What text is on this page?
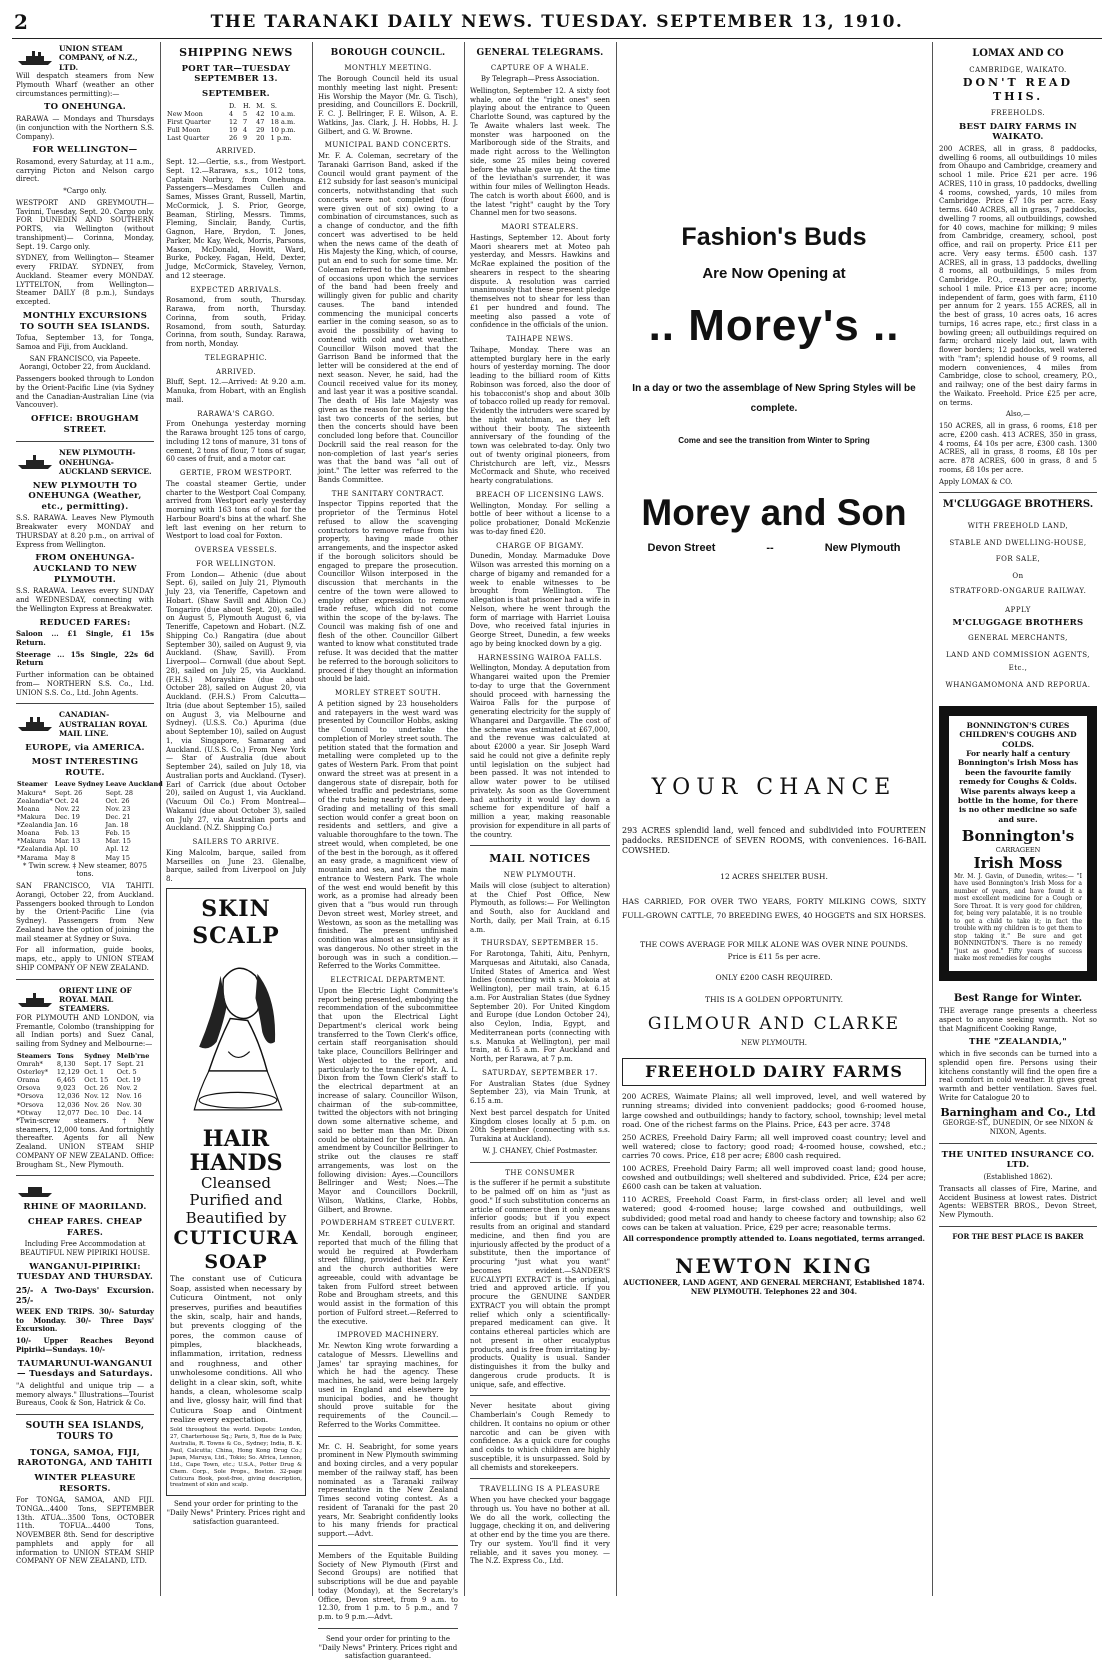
2	THE TARANAKI DAILY NEWS. TUESDAY. SEPTEMBER 13, 1910.
UNION STEAM COMPANY, of N.Z., LTD.

Will despatch steamers from New Plymouth Wharf (weather an other circumstances permitting):—

TO ONEHUNGA.

RARAWA — Mondays and Thursdays (in conjunction with the Northern S.S. Company).

FOR WELLINGTON—

Rosamond, every Saturday, at 11 a.m., carrying Picton and Nelson cargo direct.

*Cargo only.

WESTPORT AND GREYMOUTH—Tavinni, Tuesday, Sept. 20. Cargo only. FOR DUNEDIN AND SOUTHERN PORTS, via Wellington (without transhipment)— Corinna, Monday, Sept. 19. Cargo only.

SYDNEY, from Wellington— Steamer every FRIDAY. SYDNEY, from Auckland. Steamer every MONDAY. LYTTELTON, from Wellington— Steamer DAILY (8 p.m.), Sundays excepted.

MONTHLY EXCURSIONS TO SOUTH SEA ISLANDS.

Tofua, September 13, for Tonga, Samoa and Fiji, from Auckland.

SAN FRANCISCO, via Papeete. Aorangi, October 22, from Auckland.

Passengers booked through to London by the Orient-Pacific Line (via Sydney and the Canadian-Australian Line (via Vancouver).

OFFICE: BROUGHAM STREET.
NEW PLYMOUTH-ONEHUNGA-AUCKLAND SERVICE.
NEW PLYMOUTH TO ONEHUNGA (Weather, etc., permitting).

S.S. RARAWA. Leaves New Plymouth Breakwater every MONDAY and THURSDAY at 8.20 p.m., on arrival of Express from Wellington.

FROM ONEHUNGA-AUCKLAND TO NEW PLYMOUTH.

S.S. RARAWA. Leaves every SUNDAY and WEDNESDAY, connecting with the Wellington Express at Breakwater.

REDUCED FARES:

Saloon ... £1 Single, £1 15s Return.

Steerage ... 15s Single, 22s 6d Return

Further information can be obtained from— NORTHERN S.S. Co., Ltd. UNION S.S. Co., Ltd. John Agents.

CANADIAN-AUSTRALIAN ROYAL MAIL LINE.
EUROPE, via AMERICA.
MOST INTERESTING ROUTE.
Steamer	Leave Sydney	Leave Auckland
Makura*	Sept. 26	Sept. 28
Zealandia*	Oct. 24	Oct. 26
Moana	Nov. 22	Nov. 23
*Makura	Dec. 19	Dec. 21
*Zealandia	Jan. 16	Jan. 18
Moana	Feb. 13	Feb. 15
*Makura	Mar. 13	Mar. 15
*Zealandia	Apl. 10	Apl. 12
*Marama	May 8	May 15

* Twin screw. ‡ New steamer, 8075 tons.

SAN FRANCISCO, VIA TAHITI. Aorangi, October 22, from Auckland. Passengers booked through to London by the Orient-Pacific Line (via Sydney). Passengers from New Zealand have the option of joining the mail steamer at Sydney or Suva.

For all information, guide books, maps, etc., apply to UNION STEAM SHIP COMPANY OF NEW ZEALAND.

ORIENT LINE OF ROYAL MAIL STEAMERS.

FOR PLYMOUTH AND LONDON, via Fremantle, Colombo (transhipping for all Indian ports) and Suez Canal, sailing from Sydney and Melbourne:—

Steamers	Tons	Sydney	Melb'rne
Omrah*	8,130	Sept. 17	Sept. 21
Osterley*	12,129	Oct. 1	Oct. 5
Orama	6,465	Oct. 15	Oct. 19
Orsova	9,023	Oct. 26	Nov. 2
*Orsova	12,036	Nov. 12	Nov. 16
*Orsova	12,036	Nov. 26	Nov. 30
*Otway	12,077	Dec. 10	Dec. 14

*Twin-screw steamers. †New steamers, 12,000 tons. And fortnightly thereafter. Agents for all New Zealand. UNION STEAM SHIP COMPANY OF NEW ZEALAND. Office: Brougham St., New Plymouth.

RHINE OF MAORILAND.
CHEAP FARES. CHEAP FARES.

Including Free Accommodation at BEAUTIFUL NEW PIPIRIKI HOUSE.

WANGANUI-PIPIRIKI: TUESDAY AND THURSDAY.

25/- A Two-Days' Excursion. 25/-

WEEK END TRIPS. 30/- Saturday to Monday. 30/- Three Days' Excursion.

10/- Upper Reaches Beyond Pipiriki—Sundays. 10/-

TAUMARUNUI-WANGANUI— Tuesdays and Saturdays.

"A delightful and unique trip — a memory always." Illustrations—Tourist Bureaus, Cook & Son, Hatrick & Co.

SOUTH SEA ISLANDS, TOURS TO
TONGA, SAMOA, FIJI, RAROTONGA, AND TAHITI
WINTER PLEASURE RESORTS.

For TONGA, SAMOA, AND FIJI. TONGA...4400 Tons, SEPTEMBER 13th. ATUA...3500 Tons, OCTOBER 11th. TOFUA...4400 Tons, NOVEMBER 8th. Send for descriptive pamphlets and apply for all information to UNION STEAM SHIP COMPANY OF NEW ZEALAND, LTD.

SHIPPING NEWS
PORT TAR—TUESDAY SEPTEMBER 13.
SEPTEMBER.
	D.	H.	M.	S.
New Moon	4	5	42	10 a.m.
First Quarter	12	7	47	18 a.m.
Full Moon	19	4	29	10 p.m.
Last Quarter	26	9	20	1 p.m.
ARRIVED.

Sept. 12.—Gertie, s.s., from Westport. Sept. 12.—Rarawa, s.s., 1012 tons, Captain Norbury, from Onehunga. Passengers—Mesdames Cullen and Sames, Misses Grant, Russell, Martin, McCormick, J. S. Prior, George, Beaman, Stirling, Messrs. Timms, Fleming, Sinclair, Bandy, Curtis, Gagnon, Hare, Brydon, T. Jones, Parker, Mc Kay, Weck, Morris, Parsons, Mason, McDonald, Howitt, Ward, Burke, Pockey, Fagan, Held, Dexter, Judge, McCormick, Staveley, Vernon, and 12 steerage.

EXPECTED ARRIVALS.

Rosamond, from south, Thursday. Rarawa, from north, Thursday. Corinna, from south, Friday. Rosamond, from south, Saturday. Corinna, from south, Sunday. Rarawa, from north, Monday.

TELEGRAPHIC.
ARRIVED.

Bluff, Sept. 12.—Arrived: At 9.20 a.m. Manuka, from Hobart, with an English mail.

RARAWA'S CARGO.

From Onehunga yesterday morning the Rarawa brought 125 tons of cargo, including 12 tons of manure, 31 tons of cement, 2 tons of flour, 7 tons of sugar, 60 cases of fruit, and a motor car.

GERTIE, FROM WESTPORT.

The coastal steamer Gertie, under charter to the Westport Coal Company, arrived from Westport early yesterday morning with 163 tons of coal for the Harbour Board's bins at the wharf. She left last evening on her return to Westport to load coal for Foxton.

OVERSEA VESSELS.
FOR WELLINGTON.

From London— Athenic (due about Sept. 6), sailed on July 21, Plymouth July 23, via Teneriffe, Capetown and Hobart. (Shaw Savill and Albion Co.) Tongariro (due about Sept. 20), sailed on August 5, Plymouth August 6, via Teneriffe, Capetown and Hobart. (N.Z. Shipping Co.) Rangatira (due about September 30), sailed on August 9, via Auckland. (Shaw, Savill). From Liverpool— Cornwall (due about Sept. 28), sailed on July 25, via Auckland. (F.H.S.) Morayshire (due about October 28), sailed on August 20, via Auckland. (F.H.S.) From Calcutta— Itria (due about September 15), sailed on August 3, via Melbourne and Sydney). (U.S.S. Co.) Apurima (due about September 10), sailed on August 1, via Singapore, Samarang and Auckland. (U.S.S. Co.) From New York— Star of Australia (due about September 24), sailed on July 18, via Australian ports and Auckland. (Tyser). Earl of Carrick (due about October 20), sailed on August 1, via Auckland. (Vacuum Oil Co.) From Montreal— Wakanui (due about October 3), sailed on July 27, via Australian ports and Auckland. (N.Z. Shipping Co.)

SAILERS TO ARRIVE.

King Malcolm, barque, sailed from Marseilles on June 23. Glenalbe, barque, sailed from Liverpool on July 8.

SKIN SCALP
HAIR HANDS
Cleansed Purified and Beautified by
CUTICURA SOAP

The constant use of Cuticura Soap, assisted when necessary by Cuticura Ointment, not only preserves, purifies and beautifies the skin, scalp, hair and hands, but prevents clogging of the pores, the common cause of pimples, blackheads, inflammation, irritation, redness and roughness, and other unwholesome conditions. All who delight in a clear skin, soft, white hands, a clean, wholesome scalp and live, glossy hair, will find that Cuticura Soap and Ointment realize every expectation.

Sold throughout the world. Depots: London, 27, Charterhouse Sq.; Paris, 5, Rue de la Paix; Australia, R. Towns & Co., Sydney; India, B. K. Paul, Calcutta; China, Hong Kong Drug Co.; Japan, Maruya, Ltd., Tokio; So. Africa, Lennon, Ltd., Cape Town, etc.; U.S.A., Potter Drug & Chem. Corp., Sole Props., Boston. 32-page Cuticura Book, post-free, giving description, treatment of skin and scalp.

Send your order for printing to the "Daily News" Printery. Prices right and satisfaction guaranteed.

BOROUGH COUNCIL.
MONTHLY MEETING.

The Borough Council held its usual monthly meeting last night. Present: His Worship the Mayor (Mr. G. Tisch), presiding, and Councillors E. Dockrill, F. C. J. Bellringer, F. E. Wilson, A. E. Watkins, Jas. Clark, J. H. Hobbs, H. J. Gilbert, and G. W. Browne.

MUNICIPAL BAND CONCERTS.

Mr. F. A. Coleman, secretary of the Taranaki Garrison Band, asked if the Council would grant payment of the £12 subsidy for last season's municipal concerts, notwithstanding that such concerts were not completed (four were given out of six) owing to a combination of circumstances, such as a change of conductor, and the fifth concert was advertised to be held when the news came of the death of His Majesty the King, which, of course, put an end to such for some time. Mr. Coleman referred to the large number of occasions upon which the services of the band had been freely and willingly given for public and charity causes. The band intended commencing the municipal concerts earlier in the coming season, so as to avoid the possibility of having to contend with cold and wet weather. Councillor Wilson moved that the Garrison Band be informed that the letter will be considered at the end of next season. Never, he said, had the Council received value for its money, and last year it was a positive scandal. The death of His late Majesty was given as the reason for not holding the last two concerts of the series, but then the concerts should have been concluded long before that. Councillor Dockrill said the real reason for the non-completion of last year's series was that the band was "all out of joint." The letter was referred to the Bands Committee.

THE SANITARY CONTRACT.

Inspector Tippins reported that the proprietor of the Terminus Hotel refused to allow the scavenging contractors to remove refuse from his property, having made other arrangements, and the inspector asked if the borough solicitors should be engaged to prepare the prosecution. Councillor Wilson interposed in the discussion that merchants in the centre of the town were allowed to employ other expression to remove trade refuse, which did not come within the scope of the by-laws. The Council was making fish of one and flesh of the other. Councillor Gilbert wanted to know what constituted trade refuse. It was decided that the matter be referred to the borough solicitors to proceed if they thought an information should be laid.

MORLEY STREET SOUTH.

A petition signed by 23 householders and ratepayers in the west ward was presented by Councillor Hobbs, asking the Council to undertake the completion of Morley street south. The petition stated that the formation and metalling were completed up to the gates of Western Park. From that point onward the street was at present in a dangerous state of disrepair, both for wheeled traffic and pedestrians, some of the ruts being nearly two feet deep. Grading and metalling of this small section would confer a great boon on residents and settlers, and give a valuable thoroughfare to the town. The street would, when completed, be one of the best in the borough, as it offered an easy grade, a magnificent view of mountain and sea, and was the main entrance to Western Park. The whole of the west end would benefit by this work, as a promise had already been given that a "bus would run through Devon street west, Morley street, and Westown, as soon as the metalling was finished. The present unfinished condition was almost as unsightly as it was dangerous. No other street in the borough was in such a condition.—Referred to the Works Committee.

ELECTRICAL DEPARTMENT.

Upon the Electric Light Committee's report being presented, embodying the recommendation of the subcommittee that upon the Electrical Light Department's clerical work being transferred to the Town Clerk's office, certain staff reorganisation should take place, Councillors Bellringer and West objected to the report, and particularly to the transfer of Mr. A. L. Dixon from the Town Clerk's staff to the electrical department at an increase of salary. Councillor Wilson, chairman of the sub-committee, twitted the objectors with not bringing down some alternative scheme, and said no better man than Mr. Dixon could be obtained for the position. An amendment by Councillor Bellringer to strike out the clauses re staff arrangements, was lost on the following division: Ayes.—Councillors Bellringer and West; Noes.—The Mayor and Councillors Dockrill, Wilson, Watkins, Clarke, Hobbs, Gilbert, and Browne.

POWDERHAM STREET CULVERT.

Mr. Kendall, borough engineer, reported that much of the filling that would be required at Powderham street filling, provided that Mr. Kerr and the church authorities were agreeable, could with advantage be taken from Fulford street between Robe and Brougham streets, and this would assist in the formation of this portion of Fulford street.—Referred to the executive.

IMPROVED MACHINERY.

Mr. Newton King wrote forwarding a catalogue of Messrs. Llewellins and James' tar spraying machines, for which he had the agency. These machines, he said, were being largely used in England and elsewhere by municipal bodies, and he thought should prove suitable for the requirements of the Council.—Referred to the Works Committee.

Mr. C. H. Seabright, for some years prominent in New Plymouth swimming and boxing circles, and a very popular member of the railway staff, has been nominated as a Taranaki railway representative in the New Zealand Times second voting contest. As a resident of Taranaki for the past 20 years, Mr. Seabright confidently looks to his many friends for practical support.—Advt.

Members of the Equitable Building Society of New Plymouth (First and Second Groups) are notified that subscriptions will be due and payable today (Monday), at the Secretary's Office, Devon street, from 9 a.m. to 12.30, from 1 p.m. to 5 p.m., and 7 p.m. to 9 p.m.—Advt.

Send your order for printing to the "Daily News" Printery. Prices right and satisfaction guaranteed.

GENERAL TELEGRAMS.
CAPTURE OF A WHALE.

By Telegraph—Press Association.

Wellington, September 12. A sixty foot whale, one of the "right ones" seen playing about the entrance to Queen Charlotte Sound, was captured by the Te Awaite whalers last week. The monster was harpooned on the Marlborough side of the Straits, and made right across to the Wellington side, some 25 miles being covered before the whale gave up. At the time of the leviathan's surrender, it was within four miles of Wellington Heads. The catch is worth about £600, and is the latest "right" caught by the Tory Channel men for two seasons.

MAORI STEALERS.

Hastings, September 12. About forty Maori shearers met at Moteo pah yesterday, and Messrs. Hawkins and McRae explained the position of the shearers in respect to the shearing dispute. A resolution was carried unanimously that these present pledge themselves not to shear for less than £1 per hundred and found. The meeting also passed a vote of confidence in the officials of the union.

TAIHAPE NEWS.

Taihape, Monday. There was an attempted burglary here in the early hours of yesterday morning. The door leading to the billiard room of Kitts Robinson was forced, also the door of his tobacconist's shop and about 30lb of tobacco rolled up ready for removal. Evidently the intruders were scared by the night watchman, as they left without their booty. The sixteenth anniversary of the founding of the town was celebrated to-day. Only two out of twenty original pioneers, from Christchurch are left, viz., Messrs McCormack and Shute, who received hearty congratulations.

BREACH OF LICENSING LAWS.

Wellington, Monday. For selling a bottle of beer without a license to a police probationer, Donald McKenzie was to-day fined £20.

CHARGE OF BIGAMY.

Dunedin, Monday. Marmaduke Dove Wilson was arrested this morning on a charge of bigamy and remanded for a week to enable witnesses to be brought from Wellington. The allegation is that prisoner had a wife in Nelson, where he went through the form of marriage with Harriet Louisa Dove, who received fatal injuries in George Street, Dunedin, a few weeks ago by being knocked down by a gig.

HARNESSING WAIROA FALLS.

Wellington, Monday. A deputation from Whangarei waited upon the Premier to-day to urge that the Government should proceed with harnessing the Wairoa Falls for the purpose of generating electricity for the supply of Whangarei and Dargaville. The cost of the scheme was estimated at £67,000, and the revenue was calculated at about £2000 a year. Sir Joseph Ward said he could not give a definite reply until legislation on the subject had been passed. It was not intended to allow water power to be utilised privately. As soon as the Government had authority it would lay down a scheme for expenditure of half a million a year, making reasonable provision for expenditure in all parts of the country.

MAIL NOTICES
NEW PLYMOUTH.

Mails will close (subject to alteration) at the Chief Post Office, New Plymouth, as follows:— For Wellington and South, also for Auckland and North, daily, per Mail Train, at 6.15 a.m.

THURSDAY, SEPTEMBER 15.

For Rarotonga, Tahiti, Aitu, Penhyrn, Marquesas and Aitutaki, also Canada, United States of America and West Indies (connecting with s.s. Mokoia at Wellington), per mail train, at 6.15 a.m. For Australian States (due Sydney September 20). For United Kingdom and Europe (due London October 24), also Ceylon, India, Egypt, and Mediterranean ports (connecting with s.s. Manuka at Wellington), per mail train, at 6.15 a.m. For Auckland and North, per Rarawa, at 7 p.m.

SATURDAY, SEPTEMBER 17.

For Australian States (due Sydney September 23), via Main Trunk, at 6.15 a.m.

Next best parcel despatch for United Kingdom closes locally at 5 p.m. on 20th September (connecting with s.s. Turakina at Auckland).

W. J. CHANEY, Chief Postmaster.

THE CONSUMER

is the sufferer if he permit a substitute to be palmed off on him as "just as good." If such substitution concerns an article of commerce then it only means inferior goods; but if you expect results from an original and standard medicine, and then find you are injuriously affected by the product of a substitute, then the importance of procuring "just what you want" becomes evident.—SANDER'S EUCALYPTI EXTRACT is the original, tried and approved article. If you procure the GENUINE SANDER EXTRACT you will obtain the prompt relief which only a scientifically-prepared medicament can give. It contains ethereal particles which are not present in other eucalyptus products, and is free from irritating by-products. Quality is usual. Sander distinguishes it from the bulky and dangerous crude products. It is unique, safe, and effective.

Never hesitate about giving Chamberlain's Cough Remedy to children. It contains no opium or other narcotic and can be given with confidence. As a quick cure for coughs and colds to which children are highly susceptible, it is unsurpassed. Sold by all chemists and storekeepers.

TRAVELLING IS A PLEASURE

When you have checked your baggage through us. You have no bother at all. We do all the work, collecting the luggage, checking it on, and delivering at other end by the time you are there. Try our system. You'll find it very reliable, and it saves you money. — The N.Z. Express Co., Ltd.

Fashion's Buds
Are Now Opening at
.. Morey's ..
In a day or two the assemblage of New Spring Styles will be complete.
Come and see the transition from Winter to Spring
Morey and Son
Devon Street	--	New Plymouth
YOUR CHANCE

293 ACRES splendid land, well fenced and subdivided into FOURTEEN paddocks. RESIDENCE of SEVEN ROOMS, with conveniences. 16-BAIL COWSHED.

12 ACRES SHELTER BUSH.

HAS CARRIED, FOR OVER TWO YEARS, FORTY MILKING COWS, SIXTY FULL-GROWN CATTLE, 70 BREEDING EWES, 40 HOGGETS and SIX HORSES.

THE COWS AVERAGE FOR MILK ALONE WAS OVER NINE POUNDS.

Price is £11 5s per acre.

ONLY £200 CASH REQUIRED.

THIS IS A GOLDEN OPPORTUNITY.

GILMOUR AND CLARKE

NEW PLYMOUTH.

FREEHOLD DAIRY FARMS

200 ACRES, Waimate Plains; all well improved, level, and well watered by running streams; divided into convenient paddocks; good 6-roomed house, large cowshed and outbuildings; handy to factory, school, township; level metal road. One of the richest farms on the Plains. Price, £43 per acre. 3748

250 ACRES, Freehold Dairy Farm; all well improved coast country; level and well watered; close to factory; good road; 4-roomed house, cowshed, etc.; carries 70 cows. Price, £18 per acre; £800 cash required.

100 ACRES, Freehold Dairy Farm; all well improved coast land; good house, cowshed and outbuildings; well sheltered and subdivided. Price, £24 per acre; £600 cash can be taken at valuation.

110 ACRES, Freehold Coast Farm, in first-class order; all level and well watered; good 4-roomed house; large cowshed and outbuildings, well subdivided; good metal road and handy to cheese factory and township; also 62 cows can be taken at valuation. Price, £29 per acre; reasonable terms.

All correspondence promptly attended to. Loans negotiated, terms arranged.

NEWTON KING

AUCTIONEER, LAND AGENT, AND GENERAL MERCHANT, Established 1874. NEW PLYMOUTH. Telephones 22 and 304.

LOMAX AND CO
CAMBRIDGE, WAIKATO.
DON'T READ THIS.
FREEHOLDS.
BEST DAIRY FARMS IN WAIKATO.

200 ACRES, all in grass, 8 paddocks, dwelling 6 rooms, all outbuildings 10 miles from Ohaupo and Cambridge, creamery and school 1 mile. Price £21 per acre. 196 ACRES, 110 in grass, 10 paddocks, dwelling 4 rooms, cowshed, yards, 10 miles from Cambridge. Price £7 10s per acre. Easy terms. 640 ACRES, all in grass, 7 paddocks, dwelling 7 rooms, all outbuildings, cowshed for 40 cows, machine for milking; 9 miles from Cambridge, creamery, school, post office, and rail on property. Price £11 per acre. Very easy terms. £500 cash. 137 ACRES, all in grass, 13 paddocks, dwelling 8 rooms, all outbuildings, 5 miles from Cambridge. P.O., creamery on property, school 1 mile. Price £13 per acre; income independent of farm, goes with farm, £110 per annum for 2 years. 155 ACRES, all in the best of grass, 10 acres oats, 16 acres turnips, 16 acres rape, etc.; first class in a bowling green; all outbuildings required on farm; orchard nicely laid out, lawn with flower borders; 12 paddocks, well watered with "ram"; splendid house of 9 rooms, all modern conveniences, 4 miles from Cambridge, close to school, creamery, P.O., and railway; one of the best dairy farms in the Waikato. Freehold. Price £25 per acre, on terms.

Also,—

150 ACRES, all in grass, 6 rooms, £18 per acre, £200 cash. 413 ACRES, 350 in grass, 4 rooms, £4 10s per acre, £300 cash. 1300 ACRES, all in grass, 8 rooms, £8 10s per acre. 878 ACRES, 600 in grass, 8 and 5 rooms, £8 10s per acre.

Apply LOMAX & CO.

M'CLUGGAGE BROTHERS.
WITH FREEHOLD LAND,
STABLE AND DWELLING-HOUSE,
FOR SALE,
On
STRATFORD-ONGARUE RAILWAY.
APPLY
M'CLUGGAGE BROTHERS
GENERAL MERCHANTS,
LAND AND COMMISSION AGENTS,
Etc.,
WHANGAMOMONA AND REPORUA.
BONNINGTON'S CURES CHILDREN'S COUGHS AND COLDS.

For nearly half a century Bonnington's Irish Moss has been the favourite family remedy for Coughs & Colds. Wise parents always keep a bottle in the home, for there is no other medicine so safe and sure.

Bonnington's
CARRAGEEN
Irish Moss

Mr. M. J. Gavin, of Dunedin, writes:— "I have used Bonnington's Irish Moss for a number of years, and have found it a most excellent medicine for a Cough or Sore Throat. It is very good for children, for, being very palatable, it is no trouble to get a child to take it; in fact the trouble with my children is to get them to stop taking it." Be sure and get BONNINGTON'S. There is no remedy "just as good." Fifty years of success make most remedies for coughs

Best Range for Winter.

THE average range presents a cheerless aspect to anyone seeking warmth. Not so that Magnificent Cooking Range,

THE "ZEALANDIA,"

which in five seconds can be turned into a splendid open fire. Persons using their kitchens constantly will find the open fire a real comfort in cold weather. It gives great warmth and better ventilation. Saves fuel. Write for Catalogue 20 to

Barningham and Co., Ltd

GEORGE-ST., DUNEDIN, Or see NIXON & NIXON, Agents.

THE UNITED INSURANCE CO. LTD.

(Established 1862).

Transacts all classes of Fire, Marine, and Accident Business at lowest rates. District Agents: WEBSTER BROS., Devon Street, New Plymouth.

FOR THE BEST PLACE IS BAKER
